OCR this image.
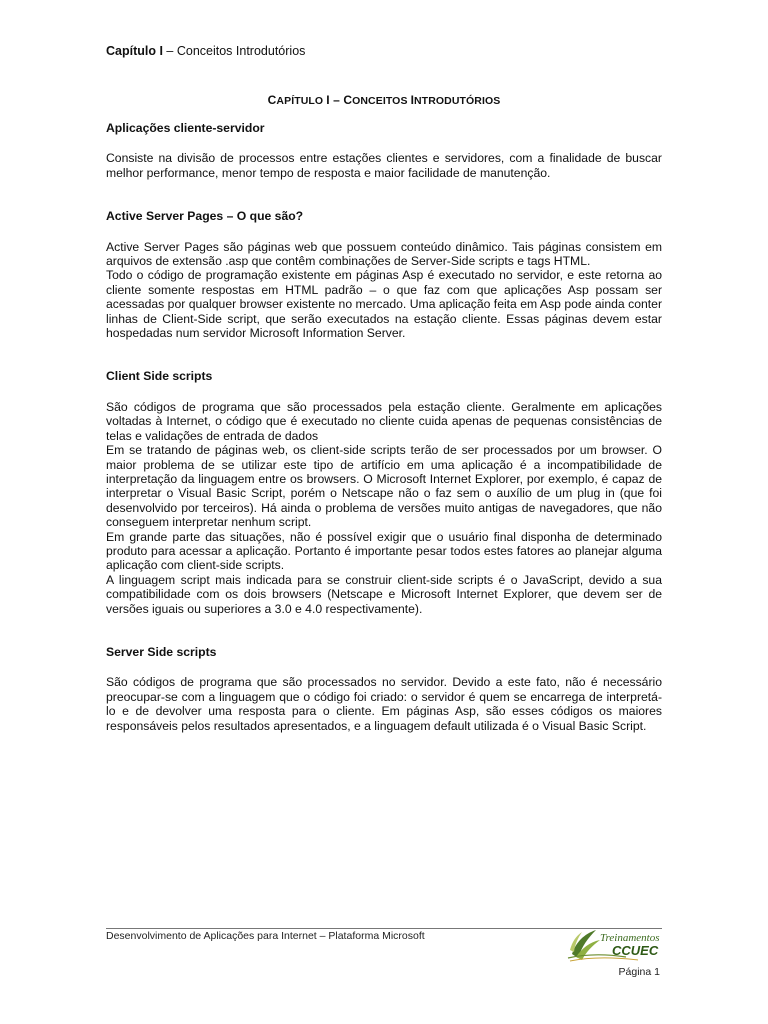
Capítulo I – Conceitos Introdutórios
CAPÍTULO I – CONCEITOS INTRODUTÓRIOS
Aplicações cliente-servidor

Consiste na divisão de processos entre estações clientes e servidores, com a finalidade de buscar melhor performance, menor tempo de resposta e maior facilidade de manutenção.

Active Server Pages – O que são?

Active Server Pages são páginas web que possuem conteúdo dinâmico. Tais páginas consistem em arquivos de extensão .asp que contêm combinações de Server-Side scripts e tags HTML.

Todo o código de programação existente em páginas Asp é executado no servidor, e este retorna ao cliente somente respostas em HTML padrão – o que faz com que aplicações Asp possam ser acessadas por qualquer browser existente no mercado. Uma aplicação feita em Asp pode ainda conter linhas de Client-Side script, que serão executados na estação cliente. Essas páginas devem estar hospedadas num servidor Microsoft Information Server.

Client Side scripts

São códigos de programa que são processados pela estação cliente. Geralmente em aplicações voltadas à Internet, o código que é executado no cliente cuida apenas de pequenas consistências de telas e validações de entrada de dados

Em se tratando de páginas web, os client-side scripts terão de ser processados por um browser. O maior problema de se utilizar este tipo de artifício em uma aplicação é a incompatibilidade de interpretação da linguagem entre os browsers. O Microsoft Internet Explorer, por exemplo, é capaz de interpretar o Visual Basic Script, porém o Netscape não o faz sem o auxílio de um plug in (que foi desenvolvido por terceiros). Há ainda o problema de versões muito antigas de navegadores, que não conseguem interpretar nenhum script.

Em grande parte das situações, não é possível exigir que o usuário final disponha de determinado produto para acessar a aplicação. Portanto é importante pesar todos estes fatores ao planejar alguma aplicação com client-side scripts.

A linguagem script mais indicada para se construir client-side scripts é o JavaScript, devido a sua compatibilidade com os dois browsers (Netscape e Microsoft Internet Explorer, que devem ser de versões iguais ou superiores a 3.0 e 4.0 respectivamente).

Server Side scripts

São códigos de programa que são processados no servidor. Devido a este fato, não é necessário preocupar-se com a linguagem que o código foi criado: o servidor é quem se encarrega de interpretá-lo e de devolver uma resposta para o cliente. Em páginas Asp, são esses códigos os maiores responsáveis pelos resultados apresentados, e a linguagem default utilizada é o Visual Basic Script.

Desenvolvimento de Aplicações para Internet – Plataforma Microsoft	Treinamentos
CCUEC
Página 1
